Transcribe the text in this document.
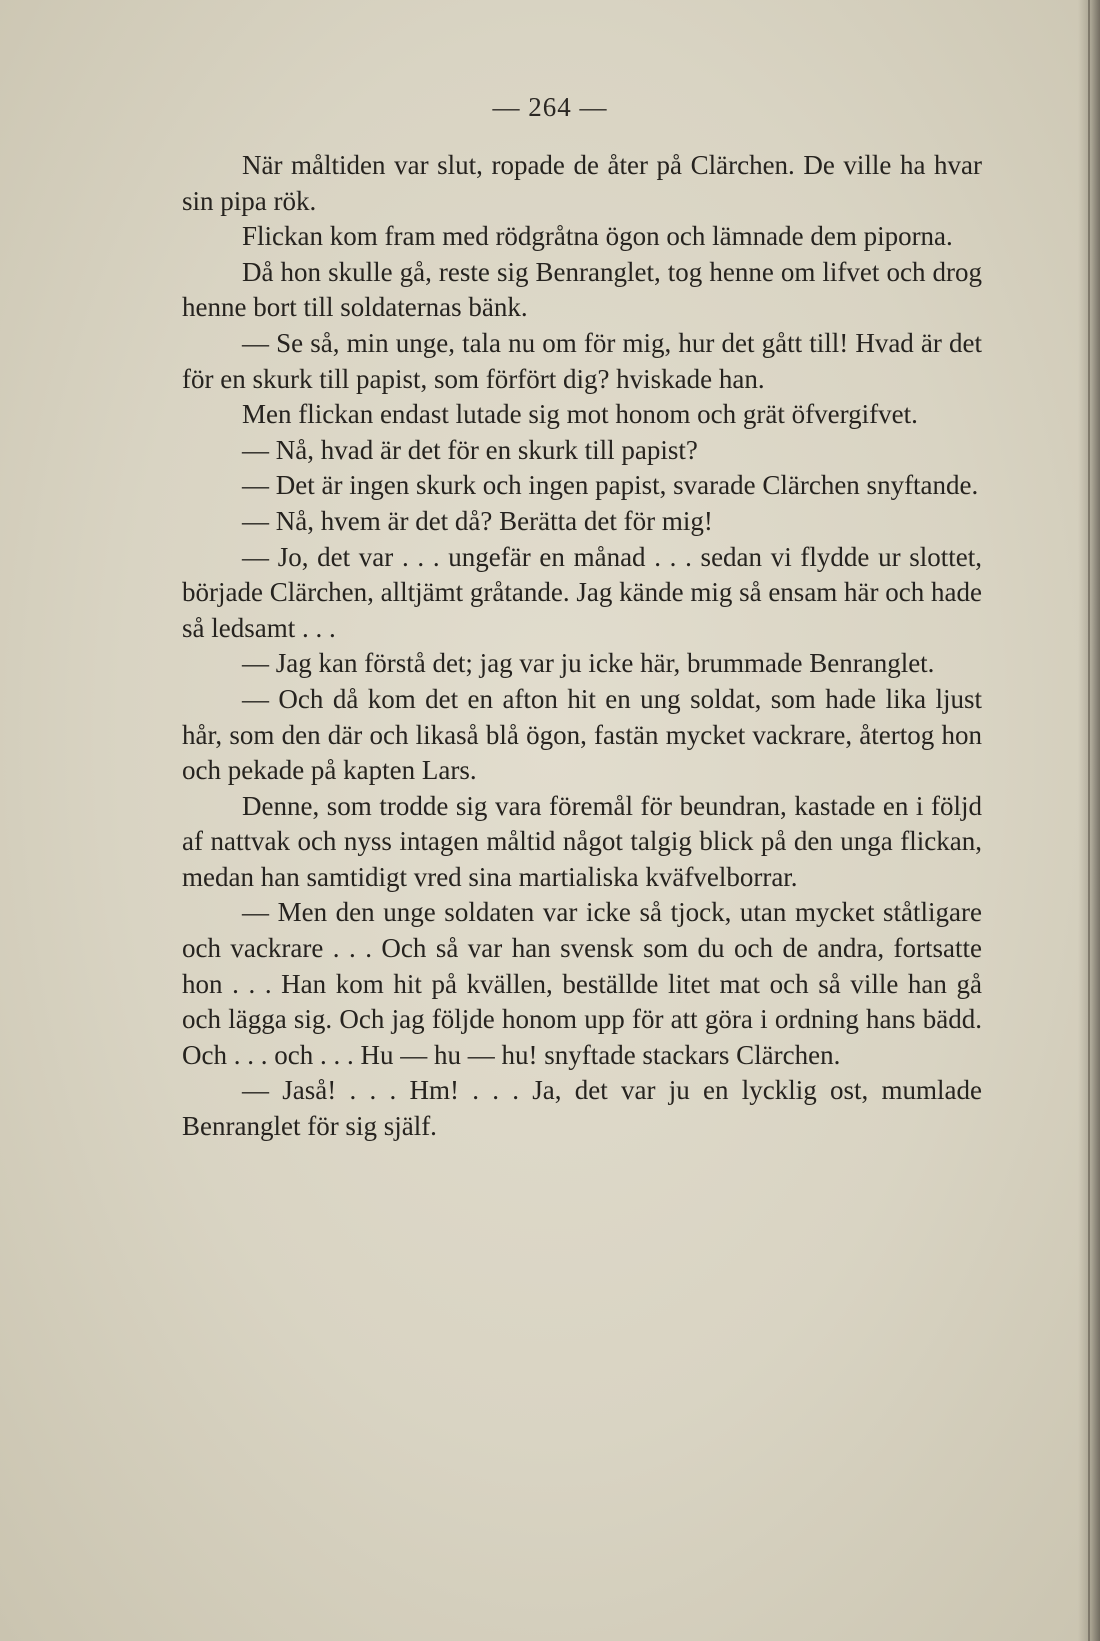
— 264 —

När måltiden var slut, ropade de åter på Clärchen. De ville ha hvar sin pipa rök.

Flickan kom fram med rödgråtna ögon och lämnade dem piporna.

Då hon skulle gå, reste sig Benranglet, tog henne om lifvet och drog henne bort till soldaternas bänk.

— Se så, min unge, tala nu om för mig, hur det gått till! Hvad är det för en skurk till papist, som förfört dig? hviskade han.

Men flickan endast lutade sig mot honom och grät öfvergifvet.

— Nå, hvad är det för en skurk till papist?

— Det är ingen skurk och ingen papist, svarade Clärchen snyftande.

— Nå, hvem är det då? Berätta det för mig!

— Jo, det var . . . ungefär en månad . . . sedan vi flydde ur slottet, började Clärchen, alltjämt gråtande. Jag kände mig så ensam här och hade så ledsamt . . .

— Jag kan förstå det; jag var ju icke här, brummade Benranglet.

— Och då kom det en afton hit en ung soldat, som hade lika ljust hår, som den där och likaså blå ögon, fastän mycket vackrare, återtog hon och pekade på kapten Lars.

Denne, som trodde sig vara föremål för beundran, kastade en i följd af nattvak och nyss intagen måltid något talgig blick på den unga flickan, medan han samtidigt vred sina martialiska kväfvelborrar.

— Men den unge soldaten var icke så tjock, utan mycket ståtligare och vackrare . . . Och så var han svensk som du och de andra, fortsatte hon . . . Han kom hit på kvällen, beställde litet mat och så ville han gå och lägga sig. Och jag följde honom upp för att göra i ordning hans bädd. Och . . . och . . . Hu — hu — hu! snyftade stackars Clärchen.

— Jaså! . . . Hm! . . . Ja, det var ju en lycklig ost, mumlade Benranglet för sig själf.
